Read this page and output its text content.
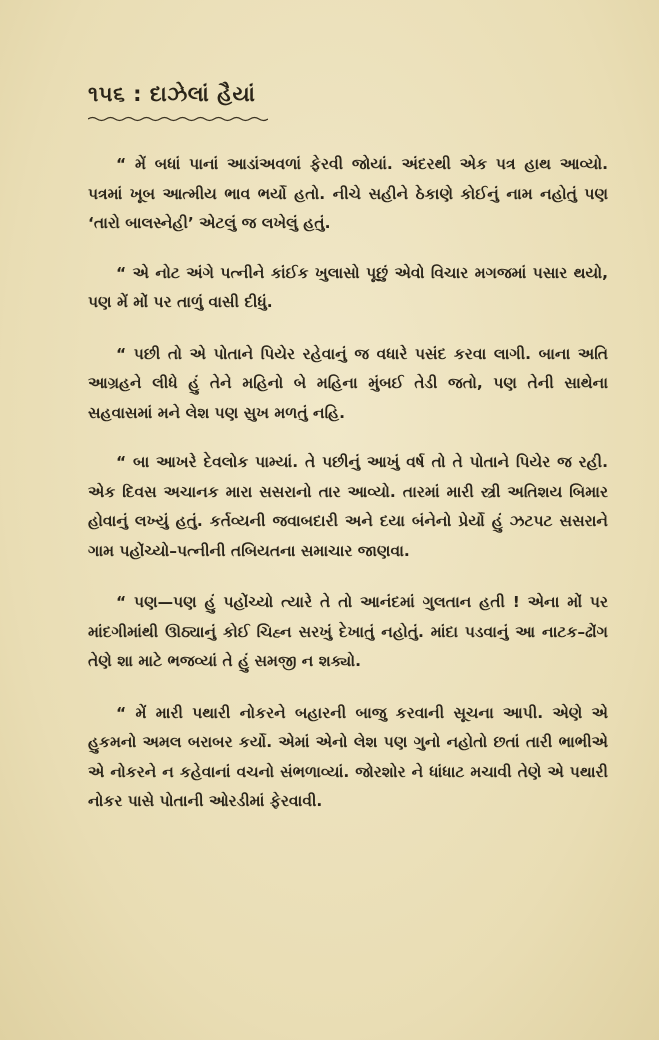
૧૫૬ : દાઝેલાં હૈયાં

“ મેં બધાં પાનાં આડાંઅવળાં ફેરવી જોયાં. અંદરથી એક પત્ર હાથ આવ્યો. પત્રમાં ખૂબ આત્મીય ભાવ ભર્યો હતો. નીચે સહીને ઠેકાણે કોઈનું નામ નહોતું પણ ‘તારો બાલસ્નેહી’ એટલું જ લખેલું હતું.

“ એ નોટ અંગે પત્નીને કાંઈક ખુલાસો પૂછું એવો વિચાર મગજમાં પસાર થયો, પણ મેં મોં પર તાળું વાસી દીધું.

“ પછી તો એ પોતાને પિયેર રહેવાનું જ વધારે પસંદ કરવા લાગી. બાના અતિ આગ્રહને લીધે હું તેને મહિનો બે મહિના મુંબઈ તેડી જતો, પણ તેની સાથેના સહવાસમાં મને લેશ પણ સુખ મળતું નહિ.

“ બા આખરે દેવલોક પામ્યાં. તે પછીનું આખું વર્ષ તો તે પોતાને પિયેર જ રહી. એક દિવસ અચાનક મારા સસરાનો તાર આવ્યો. તારમાં મારી સ્ત્રી અતિશય બિમાર હોવાનું લખ્યું હતું. કર્તવ્યની જવાબદારી અને દયા બંનેનો પ્રેર્યો હું ઝટપટ સસરાને ગામ પહોંચ્યો–પત્નીની તબિયતના સમાચાર જાણવા.

“ પણ—પણ હું પહોંચ્યો ત્યારે તે તો આનંદમાં ગુલતાન હતી ! એના મોં પર માંદગીમાંથી ઊઠ્યાનું કોઈ ચિહ્ન સરખું દેખાતું નહોતું. માંદા પડવાનું આ નાટક–ઢોંગ તેણે શા માટે ભજવ્યાં તે હું સમજી ન શક્યો.

“ મેં મારી પથારી નોકરને બહારની બાજુ કરવાની સૂચના આપી. એણે એ હુકમનો અમલ બરાબર કર્યો. એમાં એનો લેશ પણ ગુનો નહોતો છતાં તારી ભાભીએ એ નોકરને ન કહેવાનાં વચનો સંભળાવ્યાં. જોરશોર ને ધાંધાટ મચાવી તેણે એ પથારી નોકર પાસે પોતાની ઓરડીમાં ફેરવાવી.
